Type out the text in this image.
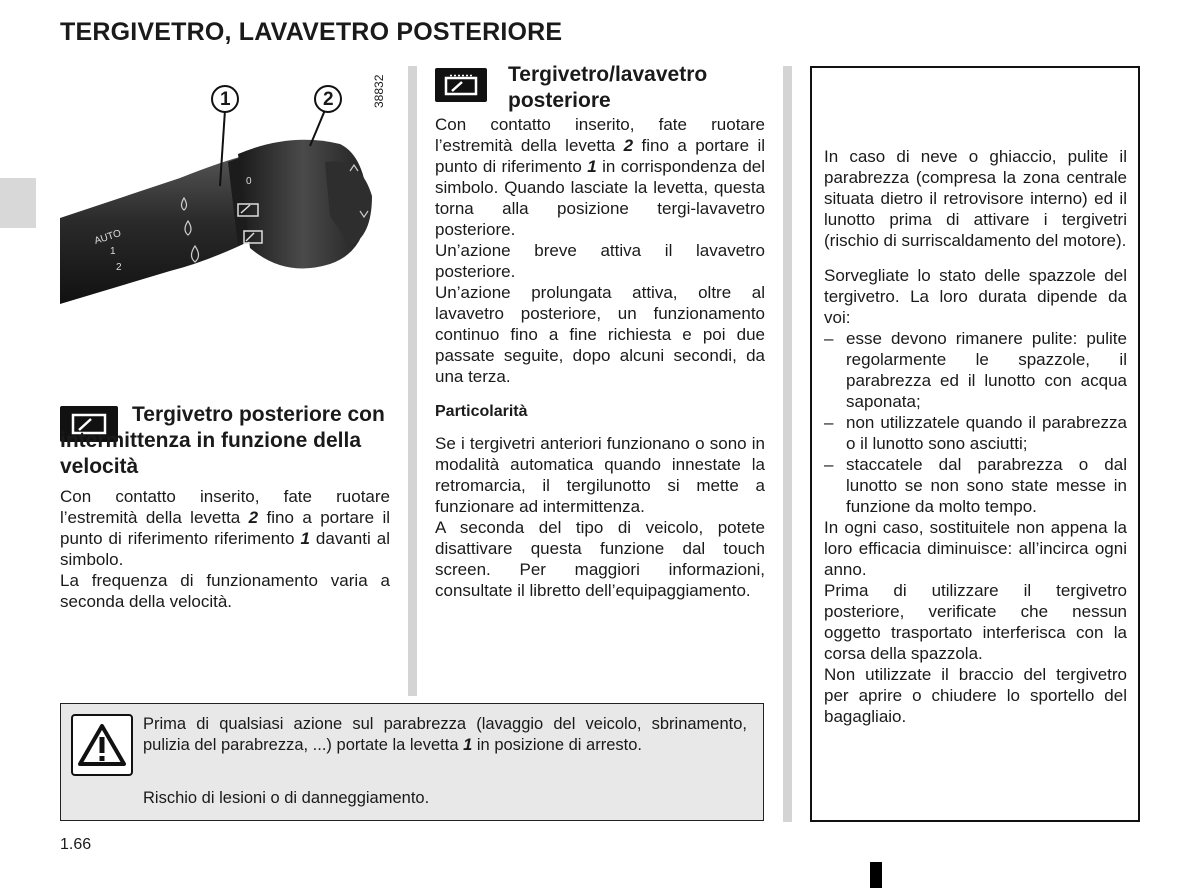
TERGIVETRO, LAVAVETRO POSTERIORE
1	2
AUTO
1
2
0
38832
Tergivetro posteriore con intermittenza in funzione della velocità

Con contatto inserito, fate ruotare l’estremità della levetta 2 fino a portare il punto di riferimento riferimento 1 davanti al simbolo.
La frequenza di funzionamento varia a seconda della velocità.

Tergivetro/lavavetro posteriore

Con contatto inserito, fate ruotare l’estremità della levetta 2 fino a portare il punto di riferimento 1 in corrispondenza del simbolo. Quando lasciate la levetta, questa torna alla posizione tergi-lavavetro posteriore.

Un’azione breve attiva il lavavetro posteriore.

Un’azione prolungata attiva, oltre al lavavetro posteriore, un funzionamento continuo fino a fine richiesta e poi due passate seguite, dopo alcuni secondi, da una terza.

Particolarità

Se i tergivetri anteriori funzionano o sono in modalità automatica quando innestate la retromarcia, il tergilunotto si mette a funzionare ad intermittenza.

A seconda del tipo di veicolo, potete disattivare questa funzione dal touch screen. Per maggiori informazioni, consultate il libretto dell’equipaggiamento.

Prima di qualsiasi azione sul parabrezza (lavaggio del veicolo, sbrinamento, pulizia del parabrezza, ...) portate la levetta 1 in posizione di arresto.

Rischio di lesioni o di danneggiamento.

In caso di neve o ghiaccio, pulite il parabrezza (compresa la zona centrale situata dietro il retrovisore interno) ed il lunotto prima di attivare i tergivetri (rischio di surriscaldamento del motore).

Sorvegliate lo stato delle spazzole del tergivetro. La loro durata dipende da voi:

– esse devono rimanere pulite: pulite regolarmente le spazzole, il parabrezza ed il lunotto con acqua saponata;
– non utilizzatele quando il parabrezza o il lunotto sono asciutti;
– staccatele dal parabrezza o dal lunotto se non sono state messe in funzione da molto tempo.

In ogni caso, sostituitele non appena la loro efficacia diminuisce: all’incirca ogni anno.

Prima di utilizzare il tergivetro posteriore, verificate che nessun oggetto trasportato interferisca con la corsa della spazzola.

Non utilizzate il braccio del tergivetro per aprire o chiudere lo sportello del bagagliaio.

1.66
